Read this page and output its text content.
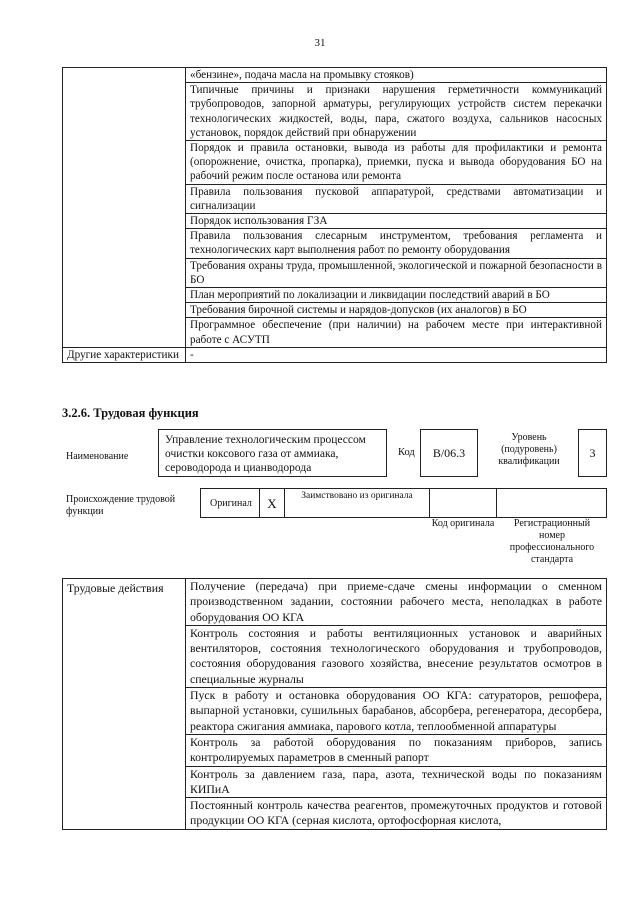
31
	«бензине», подача масла на промывку стояков)
	Типичные причины и признаки нарушения герметичности коммуникаций трубопроводов, запорной арматуры, регулирующих устройств систем перекачки технологических жидкостей, воды, пара, сжатого воздуха, сальников насосных установок, порядок действий при обнаружении
	Порядок и правила остановки, вывода из работы для профилактики и ремонта (опорожнение, очистка, пропарка), приемки, пуска и вывода оборудования БО на рабочий режим после останова или ремонта
	Правила пользования пусковой аппаратурой, средствами автоматизации и сигнализации
	Порядок использования ГЗА
	Правила пользования слесарным инструментом, требования регламента и технологических карт выполнения работ по ремонту оборудования
	Требования охраны труда, промышленной, экологической и пожарной безопасности в БО
	План мероприятий по локализации и ликвидации последствий аварий в БО
	Требования бирочной системы и нарядов-допусков (их аналогов) в БО
	Программное обеспечение (при наличии) на рабочем месте при интерактивной работе с АСУТП
Другие характеристики	-
3.2.6. Трудовая функция
Наименование
Управление технологическим процессом очистки коксового газа от аммиака, сероводорода и цианводорода
Код	B/06.3
Уровень (подуровень) квалификации
3
Происхождение трудовой функции
Оригинал	X	Заимствовано из оригинала
Код оригинала	Регистрационный номер профессионального стандарта
Трудовые действия	Получение (передача) при приеме-сдаче смены информации о сменном производственном задании, состоянии рабочего места, неполадках в работе оборудования ОО КГА
Контроль состояния и работы вентиляционных установок и аварийных вентиляторов, состояния технологического оборудования и трубопроводов, состояния оборудования газового хозяйства, внесение результатов осмотров в специальные журналы
Пуск в работу и остановка оборудования ОО КГА: сатураторов, решофера, выпарной установки, сушильных барабанов, абсорбера, регенератора, десорбера, реактора сжигания аммиака, парового котла, теплообменной аппаратуры
Контроль за работой оборудования по показаниям приборов, запись контролируемых параметров в сменный рапорт
Контроль за давлением газа, пара, азота, технической воды по показаниям КИПиА
Постоянный контроль качества реагентов, промежуточных продуктов и готовой продукции ОО КГА (серная кислота, ортофосфорная кислота,
